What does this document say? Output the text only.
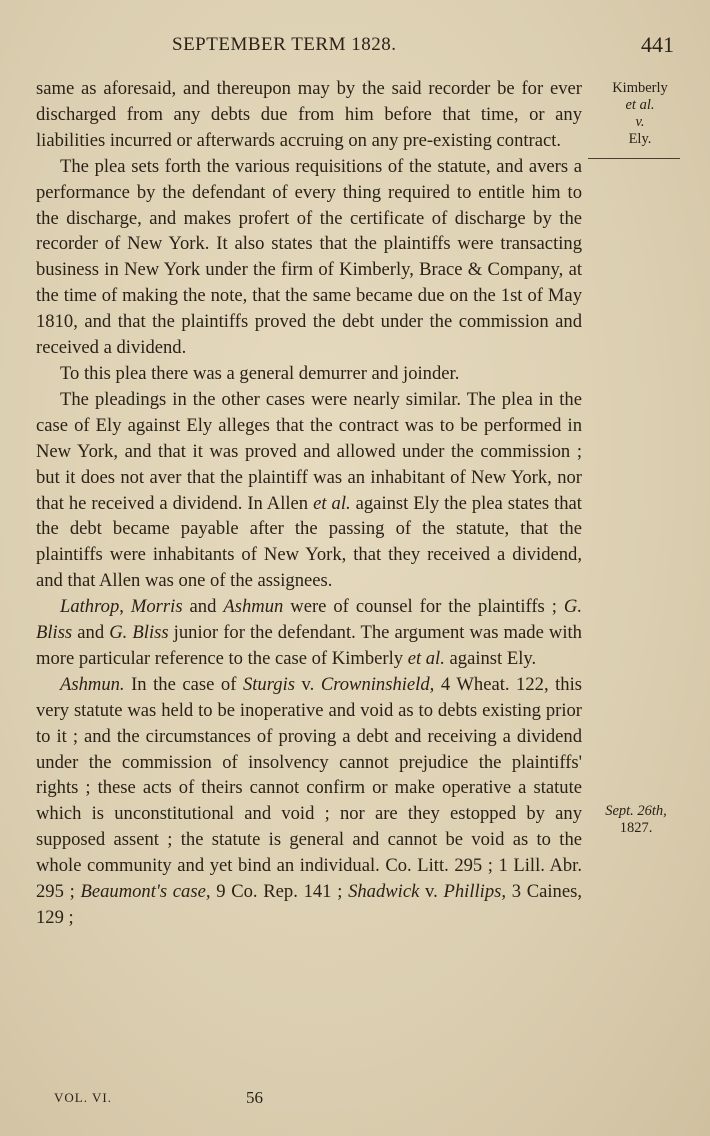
SEPTEMBER TERM 1828.	441
Kimberly
et al.
v.
Ely.
Sept. 26th,
1827.

same as aforesaid, and thereupon may by the said recorder be for ever discharged from any debts due from him before that time, or any liabilities incurred or afterwards accruing on any pre-existing contract.

The plea sets forth the various requisitions of the statute, and avers a performance by the defendant of every thing required to entitle him to the discharge, and makes profert of the certificate of discharge by the recorder of New York. It also states that the plaintiffs were transacting business in New York under the firm of Kimberly, Brace & Company, at the time of making the note, that the same became due on the 1st of May 1810, and that the plaintiffs proved the debt under the commission and received a dividend.

To this plea there was a general demurrer and joinder.

The pleadings in the other cases were nearly similar. The plea in the case of Ely against Ely alleges that the contract was to be performed in New York, and that it was proved and allowed under the commission ; but it does not aver that the plaintiff was an inhabitant of New York, nor that he received a dividend. In Allen et al. against Ely the plea states that the debt became payable after the passing of the statute, that the plaintiffs were inhabitants of New York, that they received a dividend, and that Allen was one of the assignees.

Lathrop, Morris and Ashmun were of counsel for the plaintiffs ; G. Bliss and G. Bliss junior for the defendant. The argument was made with more particular reference to the case of Kimberly et al. against Ely.

Ashmun. In the case of Sturgis v. Crowninshield, 4 Wheat. 122, this very statute was held to be inoperative and void as to debts existing prior to it ; and the circumstances of proving a debt and receiving a dividend under the commission of insolvency cannot prejudice the plaintiffs' rights ; these acts of theirs cannot confirm or make operative a statute which is unconstitutional and void ; nor are they estopped by any supposed assent ; the statute is general and cannot be void as to the whole community and yet bind an individual. Co. Litt. 295 ; 1 Lill. Abr. 295 ; Beaumont's case, 9 Co. Rep. 141 ; Shadwick v. Phillips, 3 Caines, 129 ;

VOL. VI.	56
